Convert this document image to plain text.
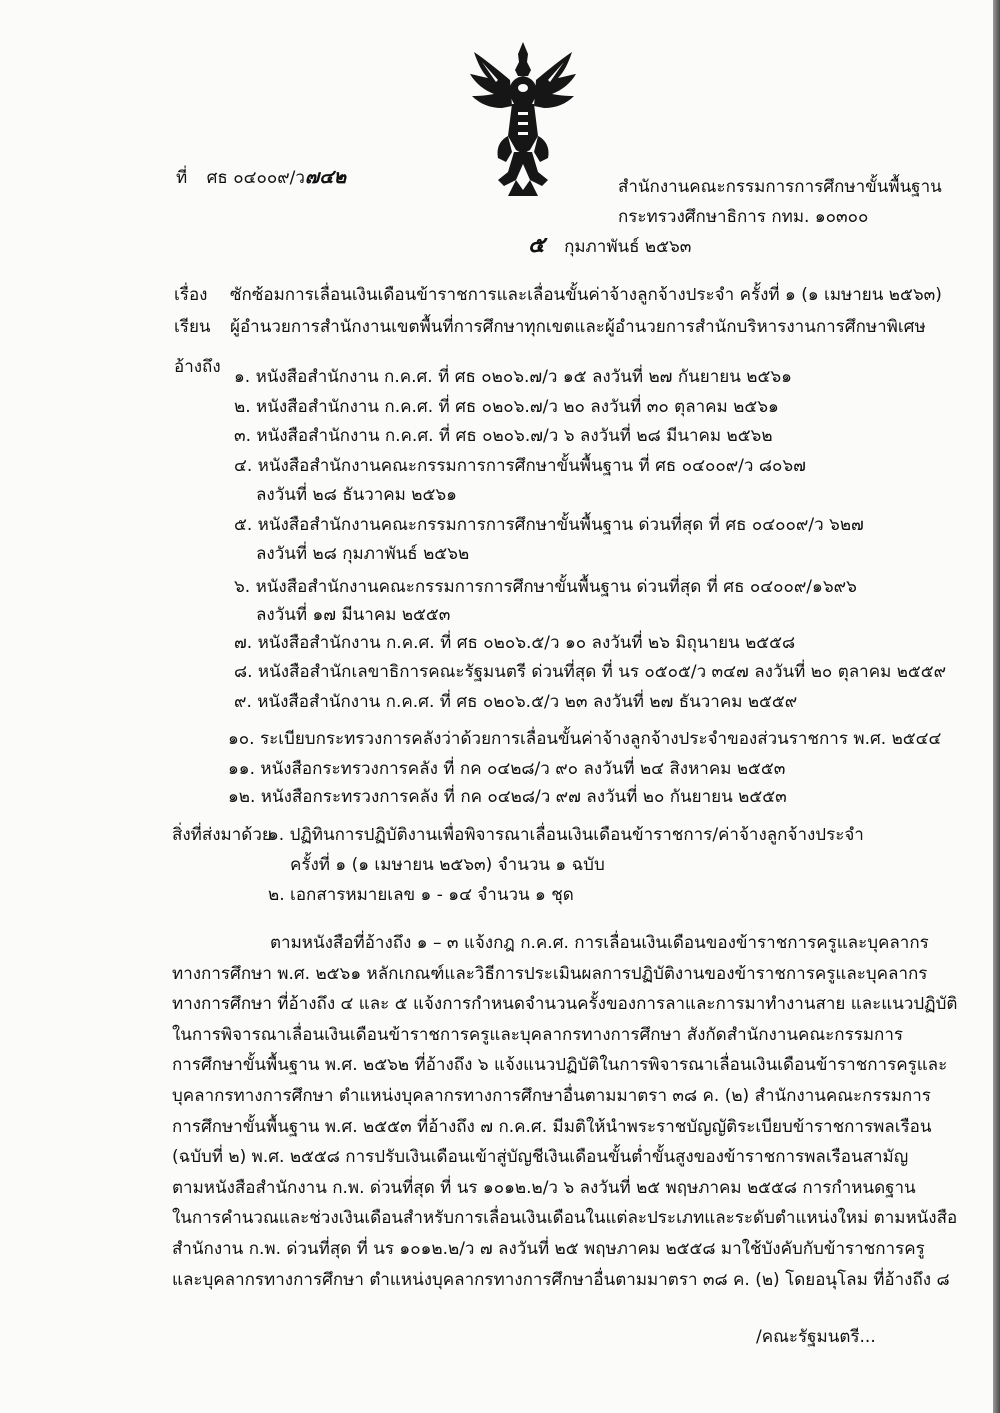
ที่ ศธ ๐๔๐๐๙/ว๗๔๒	สำนักงานคณะกรรมการการศึกษาขั้นพื้นฐาน
กระทรวงศึกษาธิการ กทม. ๑๐๓๐๐
๕ กุมภาพันธ์ ๒๕๖๓
เรื่อง ซักซ้อมการเลื่อนเงินเดือนข้าราชการและเลื่อนขั้นค่าจ้างลูกจ้างประจำ ครั้งที่ ๑ (๑ เมษายน ๒๕๖๓)
เรียน ผู้อำนวยการสำนักงานเขตพื้นที่การศึกษาทุกเขตและผู้อำนวยการสำนักบริหารงานการศึกษาพิเศษ
อ้างถึง ๑. หนังสือสำนักงาน ก.ค.ศ. ที่ ศธ ๐๒๐๖.๗/ว ๑๕ ลงวันที่ ๒๗ กันยายน ๒๕๖๑
๒. หนังสือสำนักงาน ก.ค.ศ. ที่ ศธ ๐๒๐๖.๗/ว ๒๐ ลงวันที่ ๓๐ ตุลาคม ๒๕๖๑
๓. หนังสือสำนักงาน ก.ค.ศ. ที่ ศธ ๐๒๐๖.๗/ว ๖ ลงวันที่ ๒๘ มีนาคม ๒๕๖๒
๔. หนังสือสำนักงานคณะกรรมการการศึกษาขั้นพื้นฐาน ที่ ศธ ๐๔๐๐๙/ว ๘๐๖๗
ลงวันที่ ๒๘ ธันวาคม ๒๕๖๑
๕. หนังสือสำนักงานคณะกรรมการการศึกษาขั้นพื้นฐาน ด่วนที่สุด ที่ ศธ ๐๔๐๐๙/ว ๖๒๗
ลงวันที่ ๒๘ กุมภาพันธ์ ๒๕๖๒
๖. หนังสือสำนักงานคณะกรรมการการศึกษาขั้นพื้นฐาน ด่วนที่สุด ที่ ศธ ๐๔๐๐๙/๑๖๙๖
ลงวันที่ ๑๗ มีนาคม ๒๕๕๓
๗. หนังสือสำนักงาน ก.ค.ศ. ที่ ศธ ๐๒๐๖.๕/ว ๑๐ ลงวันที่ ๒๖ มิถุนายน ๒๕๕๘
๘. หนังสือสำนักเลขาธิการคณะรัฐมนตรี ด่วนที่สุด ที่ นร ๐๕๐๕/ว ๓๔๗ ลงวันที่ ๒๐ ตุลาคม ๒๕๕๙
๙. หนังสือสำนักงาน ก.ค.ศ. ที่ ศธ ๐๒๐๖.๕/ว ๒๓ ลงวันที่ ๒๗ ธันวาคม ๒๕๕๙
๑๐. ระเบียบกระทรวงการคลังว่าด้วยการเลื่อนขั้นค่าจ้างลูกจ้างประจำของส่วนราชการ พ.ศ. ๒๕๔๔
๑๑. หนังสือกระทรวงการคลัง ที่ กค ๐๔๒๘/ว ๙๐ ลงวันที่ ๒๔ สิงหาคม ๒๕๕๓
๑๒. หนังสือกระทรวงการคลัง ที่ กค ๐๔๒๘/ว ๙๗ ลงวันที่ ๒๐ กันยายน ๒๕๕๓
สิ่งที่ส่งมาด้วย
๑. ปฏิทินการปฏิบัติงานเพื่อพิจารณาเลื่อนเงินเดือนข้าราชการ/ค่าจ้างลูกจ้างประจำ
ครั้งที่ ๑ (๑ เมษายน ๒๕๖๓) จำนวน ๑ ฉบับ
๒. เอกสารหมายเลข ๑ - ๑๔ จำนวน ๑ ชุด
ตามหนังสือที่อ้างถึง ๑ – ๓ แจ้งกฎ ก.ค.ศ. การเลื่อนเงินเดือนของข้าราชการครูและบุคลากร
ทางการศึกษา พ.ศ. ๒๕๖๑ หลักเกณฑ์และวิธีการประเมินผลการปฏิบัติงานของข้าราชการครูและบุคลากร
ทางการศึกษา ที่อ้างถึง ๔ และ ๕ แจ้งการกำหนดจำนวนครั้งของการลาและการมาทำงานสาย และแนวปฏิบัติ
ในการพิจารณาเลื่อนเงินเดือนข้าราชการครูและบุคลากรทางการศึกษา สังกัดสำนักงานคณะกรรมการ
การศึกษาขั้นพื้นฐาน พ.ศ. ๒๕๖๒ ที่อ้างถึง ๖ แจ้งแนวปฏิบัติในการพิจารณาเลื่อนเงินเดือนข้าราชการครูและ
บุคลากรทางการศึกษา ตำแหน่งบุคลากรทางการศึกษาอื่นตามมาตรา ๓๘ ค. (๒) สำนักงานคณะกรรมการ
การศึกษาขั้นพื้นฐาน พ.ศ. ๒๕๕๓ ที่อ้างถึง ๗ ก.ค.ศ. มีมติให้นำพระราชบัญญัติระเบียบข้าราชการพลเรือน
(ฉบับที่ ๒) พ.ศ. ๒๕๕๘ การปรับเงินเดือนเข้าสู่บัญชีเงินเดือนขั้นต่ำขั้นสูงของข้าราชการพลเรือนสามัญ
ตามหนังสือสำนักงาน ก.พ. ด่วนที่สุด ที่ นร ๑๐๑๒.๒/ว ๖ ลงวันที่ ๒๕ พฤษภาคม ๒๕๕๘ การกำหนดฐาน
ในการคำนวณและช่วงเงินเดือนสำหรับการเลื่อนเงินเดือนในแต่ละประเภทและระดับตำแหน่งใหม่ ตามหนังสือ
สำนักงาน ก.พ. ด่วนที่สุด ที่ นร ๑๐๑๒.๒/ว ๗ ลงวันที่ ๒๕ พฤษภาคม ๒๕๕๘ มาใช้บังคับกับข้าราชการครู
และบุคลากรทางการศึกษา ตำแหน่งบุคลากรทางการศึกษาอื่นตามมาตรา ๓๘ ค. (๒) โดยอนุโลม ที่อ้างถึง ๘
/คณะรัฐมนตรี...
